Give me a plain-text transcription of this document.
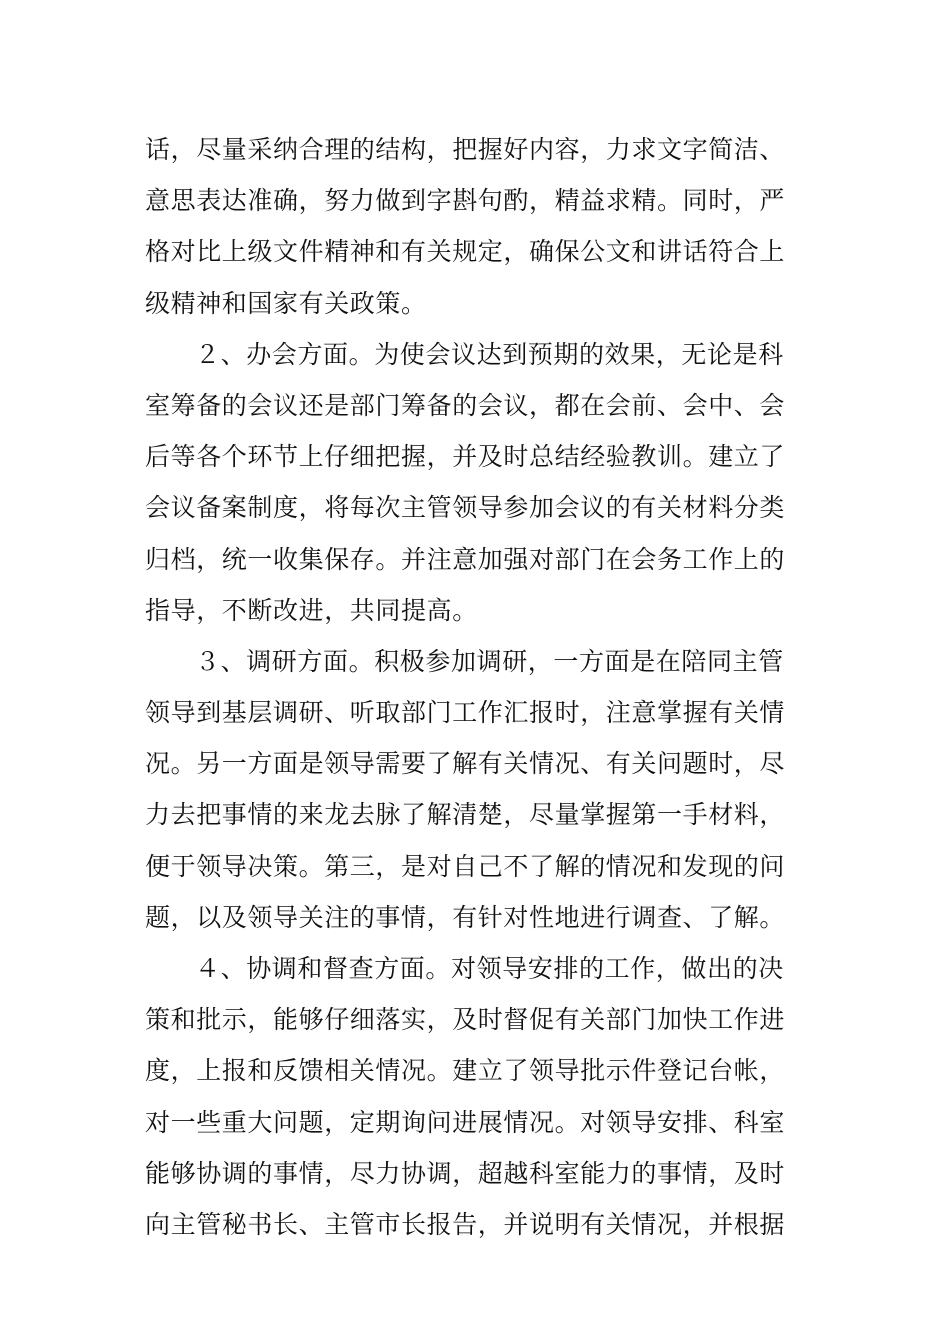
话，尽量采纳合理的结构，把握好内容，力求文字简洁、
意思表达准确，努力做到字斟句酌，精益求精。同时，严
格对比上级文件精神和有关规定，确保公文和讲话符合上
级精神和国家有关政策。
２、办会方面。为使会议达到预期的效果，无论是科
室筹备的会议还是部门筹备的会议，都在会前、会中、会
后等各个环节上仔细把握，并及时总结经验教训。建立了
会议备案制度，将每次主管领导参加会议的有关材料分类
归档，统一收集保存。并注意加强对部门在会务工作上的
指导，不断改进，共同提高。
３、调研方面。积极参加调研，一方面是在陪同主管
领导到基层调研、听取部门工作汇报时，注意掌握有关情
况。另一方面是领导需要了解有关情况、有关问题时，尽
力去把事情的来龙去脉了解清楚，尽量掌握第一手材料，
便于领导决策。第三，是对自己不了解的情况和发现的问
题，以及领导关注的事情，有针对性地进行调查、了解。
４、协调和督查方面。对领导安排的工作，做出的决
策和批示，能够仔细落实，及时督促有关部门加快工作进
度，上报和反馈相关情况。建立了领导批示件登记台帐，
对一些重大问题，定期询问进展情况。对领导安排、科室
能够协调的事情，尽力协调，超越科室能力的事情，及时
向主管秘书长、主管市长报告，并说明有关情况，并根据
